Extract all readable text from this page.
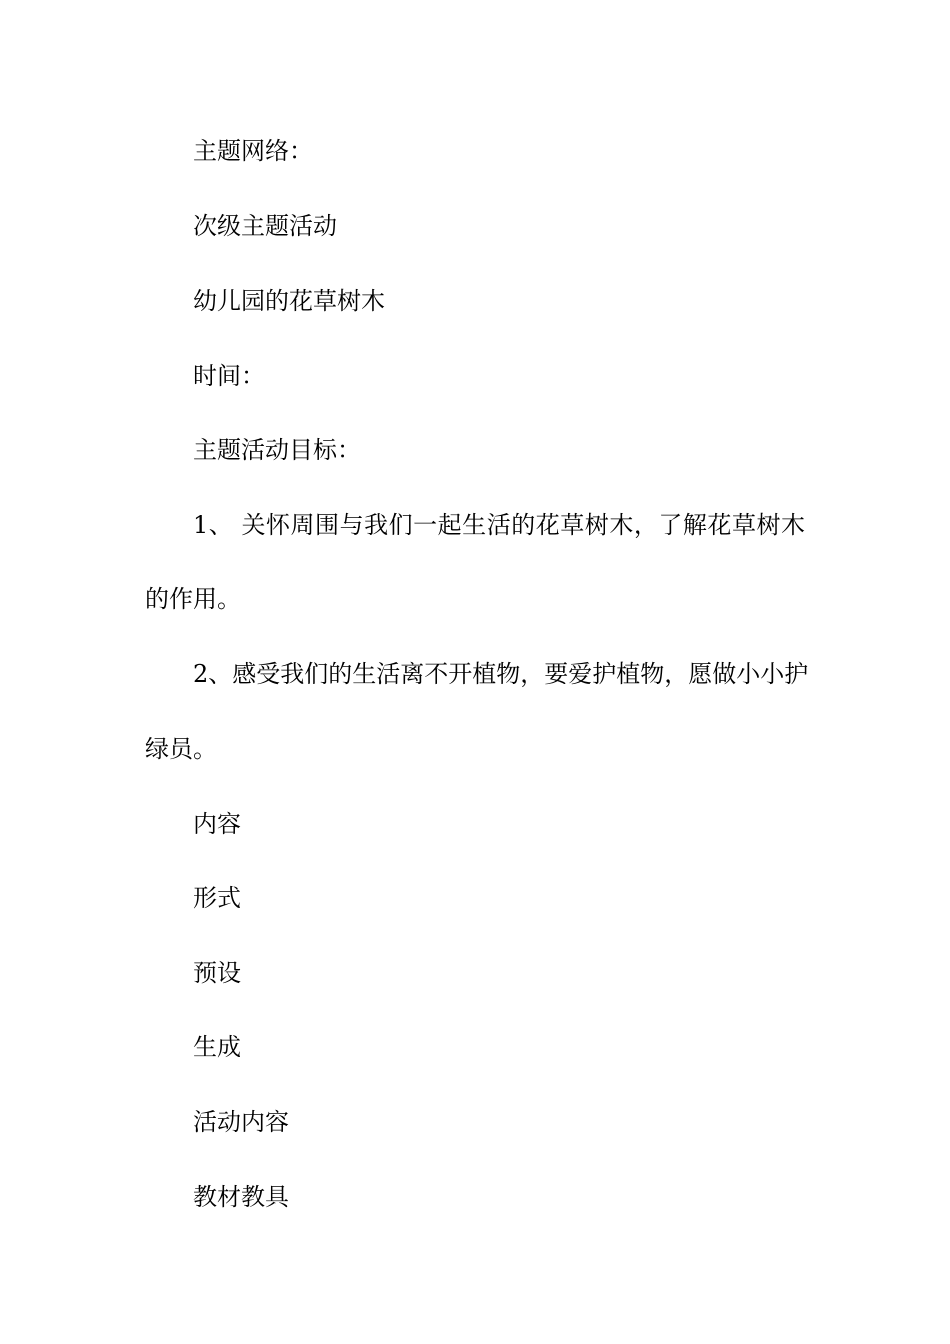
主题网络：

次级主题活动

幼儿园的花草树木

时间：

主题活动目标：

1、 关怀周围与我们一起生活的花草树木，了解花草树木

的作用。

2、感受我们的生活离不开植物，要爱护植物，愿做小小护

绿员。

内容

形式

预设

生成

活动内容

教材教具
